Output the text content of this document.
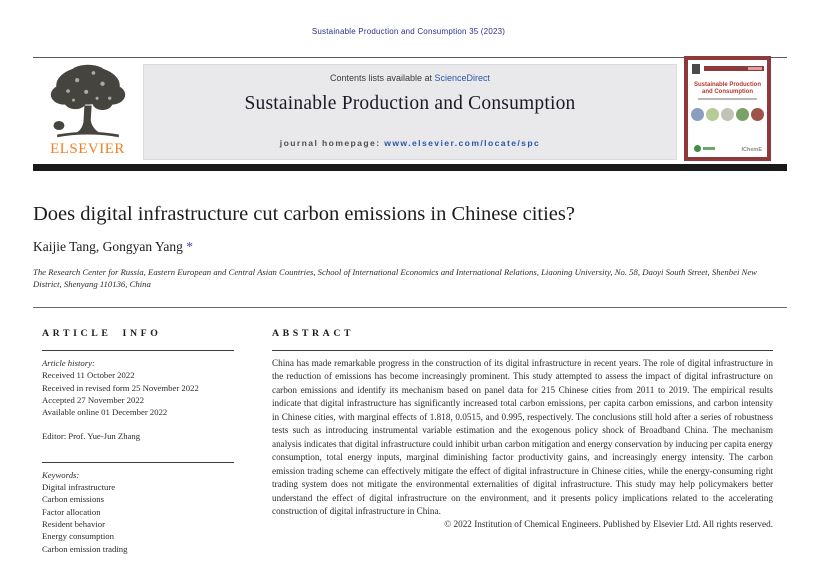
Sustainable Production and Consumption 35 (2023)
ELSEVIER
Contents lists available at ScienceDirect
Sustainable Production and Consumption
journal homepage: www.elsevier.com/locate/spc
Sustainable Production
and Consumption
IChemE
Does digital infrastructure cut carbon emissions in Chinese cities?
Kaijie Tang, Gongyan Yang *
The Research Center for Russia, Eastern European and Central Asian Countries, School of International Economics and International Relations, Liaoning University, No. 58, Daoyi South Street, Shenbei New District, Shenyang 110136, China
ARTICLE INFO
Article history:
Received 11 October 2022
Received in revised form 25 November 2022
Accepted 27 November 2022
Available online 01 December 2022
Editor: Prof. Yue-Jun Zhang
Keywords:
Digital infrastructure
Carbon emissions
Factor allocation
Resident behavior
Energy consumption
Carbon emission trading
ABSTRACT
China has made remarkable progress in the construction of its digital infrastructure in recent years. The role of digital infrastructure in the reduction of emissions has become increasingly prominent. This study attempted to assess the impact of digital infrastructure on carbon emissions and identify its mechanism based on panel data for 215 Chinese cities from 2011 to 2019. The empirical results indicate that digital infrastructure has significantly increased total carbon emissions, per capita carbon emissions, and carbon intensity in Chinese cities, with marginal effects of 1.818, 0.0515, and 0.995, respectively. The conclusions still hold after a series of robustness tests such as introducing instrumental variable estimation and the exogenous policy shock of Broadband China. The mechanism analysis indicates that digital infrastructure could inhibit urban carbon mitigation and energy conservation by inducing per capita energy consumption, total energy inputs, marginal diminishing factor productivity gains, and increasingly energy intensity. The carbon emission trading scheme can effectively mitigate the effect of digital infrastructure in Chinese cities, while the energy-consuming right trading system does not mitigate the environmental externalities of digital infrastructure. This study may help policymakers better understand the effect of digital infrastructure on the environment, and it presents policy implications related to the accelerating construction of digital infrastructure in China.
© 2022 Institution of Chemical Engineers. Published by Elsevier Ltd. All rights reserved.
